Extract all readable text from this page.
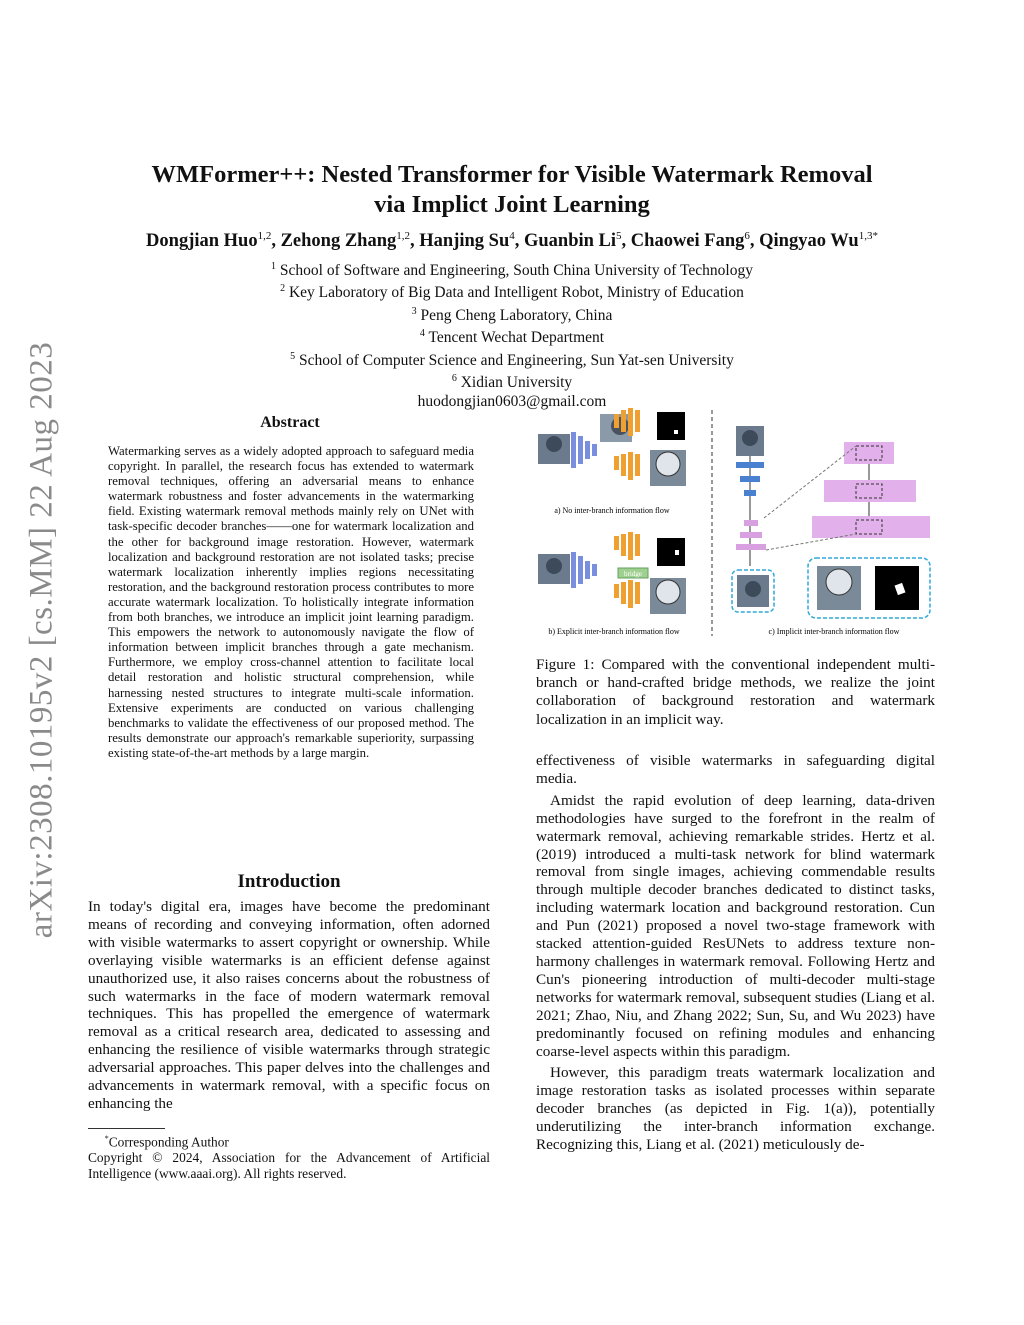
arXiv:2308.10195v2 [cs.MM] 22 Aug 2023
WMFormer++: Nested Transformer for Visible Watermark Removal
via Implict Joint Learning
Dongjian Huo$^{1,2}$, Zehong Zhang$^{1,2}$, Hanjing Su$^4$, Guanbin Li$^5$, Chaowei Fang$^6$, Qingyao $Wu^{1,3*}$
$^1$ School of Software and Engineering, South China University of Technology
$^2$ Key Laboratory of Big Data and Intelligent Robot, Ministry of Education
$^3$ Peng Cheng Laboratory, China
$^4$ Tencent Wechat Department
$^5$ School of Computer Science and Engineering, Sun Yat-sen University
$^6$ Xidian University
huodongjian0603@gmail.com
Abstract
Watermarking serves as a widely adopted approach to safeguard media copyright. In parallel, the research focus has extended to watermark removal techniques, offering an adversarial means to enhance watermark robustness and foster advancements in the watermarking field. Existing watermark removal methods mainly rely on UNet with task-specific decoder branches——one for watermark localization and the other for background image restoration. However, watermark localization and background restoration are not isolated tasks; precise watermark localization inherently implies regions necessitating restoration, and the background restoration process contributes to more accurate watermark localization. To holistically integrate information from both branches, we introduce an implicit joint learning paradigm. This empowers the network to autonomously navigate the flow of information between implicit branches through a gate mechanism. Furthermore, we employ cross-channel attention to facilitate local detail restoration and holistic structural comprehension, while harnessing nested structures to integrate multi-scale information. Extensive experiments are conducted on various challenging benchmarks to validate the effectiveness of our proposed method. The results demonstrate our approach's remarkable superiority, surpassing existing state-of-the-art methods by a large margin.
Introduction
In today's digital era, images have become the predominant means of recording and conveying information, often adorned with visible watermarks to assert copyright or ownership. While overlaying visible watermarks is an efficient defense against unauthorized use, it also raises concerns about the robustness of such watermarks in the face of modern watermark removal techniques. This has propelled the emergence of watermark removal as a critical research area, dedicated to assessing and enhancing the resilience of visible watermarks through strategic adversarial approaches. This paper delves into the challenges and advancements in watermark removal, with a specific focus on enhancing the
*Corresponding Author
Copyright © 2024, Association for the Advancement of Artificial Intelligence (www.aaai.org). All rights reserved.
a) No inter-branch information flow
bridge
b) Explicit inter-branch information flow	c) Implicit inter-branch information flow
Figure 1: Compared with the conventional independent multi-branch or hand-crafted bridge methods, we realize the joint collaboration of background restoration and watermark localization in an implicit way.
effectiveness of visible watermarks in safeguarding digital media.
Amidst the rapid evolution of deep learning, data-driven methodologies have surged to the forefront in the realm of watermark removal, achieving remarkable strides. Hertz et al. (2019) introduced a multi-task network for blind watermark removal from single images, achieving commendable results through multiple decoder branches dedicated to distinct tasks, including watermark location and background restoration. Cun and Pun (2021) proposed a novel two-stage framework with stacked attention-guided ResUNets to address texture non-harmony challenges in watermark removal. Following Hertz and Cun's pioneering introduction of multi-decoder multi-stage networks for watermark removal, subsequent studies (Liang et al. 2021; Zhao, Niu, and Zhang 2022; Sun, Su, and Wu 2023) have predominantly focused on refining modules and enhancing coarse-level aspects within this paradigm.
However, this paradigm treats watermark localization and image restoration tasks as isolated processes within separate decoder branches (as depicted in Fig. 1(a)), potentially underutilizing the inter-branch information exchange. Recognizing this, Liang et al. (2021) meticulously de-
